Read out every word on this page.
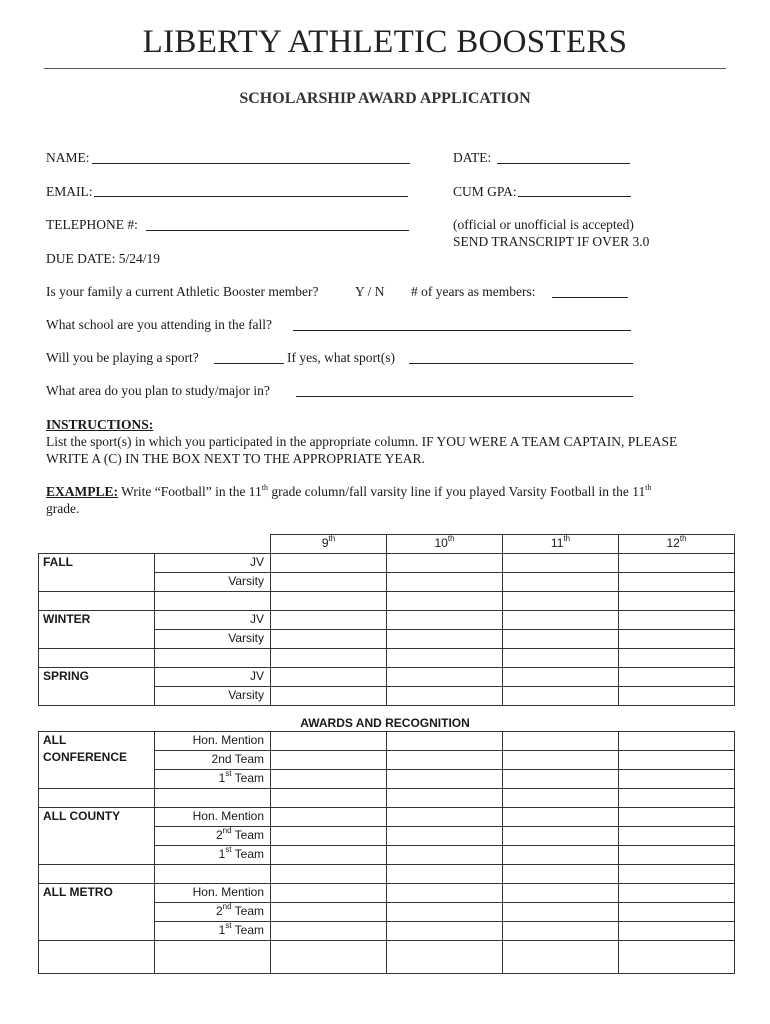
LIBERTY ATHLETIC BOOSTERS
SCHOLARSHIP AWARD APPLICATION
NAME:	DATE:
EMAIL:	CUM GPA:
TELEPHONE #:	(official or unofficial is accepted)
SEND TRANSCRIPT IF OVER 3.0
DUE DATE: 5/24/19
Is your family a current Athletic Booster member?	Y / N # of years as members:
What school are you attending in the fall?
Will you be playing a sport?	If yes, what sport(s)
What area do you plan to study/major in?
INSTRUCTIONS:
List the sport(s) in which you participated in the appropriate column. IF YOU WERE A TEAM CAPTAIN, PLEASE
WRITE A (C) IN THE BOX NEXT TO THE APPROPRIATE YEAR.
EXAMPLE: Write “Football” in the 11th grade column/fall varsity line if you played Varsity Football in the 11th
grade.
		9th	10th	11th	12th
FALL	JV				
	Varsity				

WINTER	JV				
	Varsity				

SPRING	JV				
	Varsity				
AWARDS AND RECOGNITION
ALL CONFERENCE	Hon. Mention				
	2nd Team				
	1st Team				

ALL COUNTY	Hon. Mention				
	2nd Team				
	1st Team				

ALL METRO	Hon. Mention				
	2nd Team				
	1st Team				
